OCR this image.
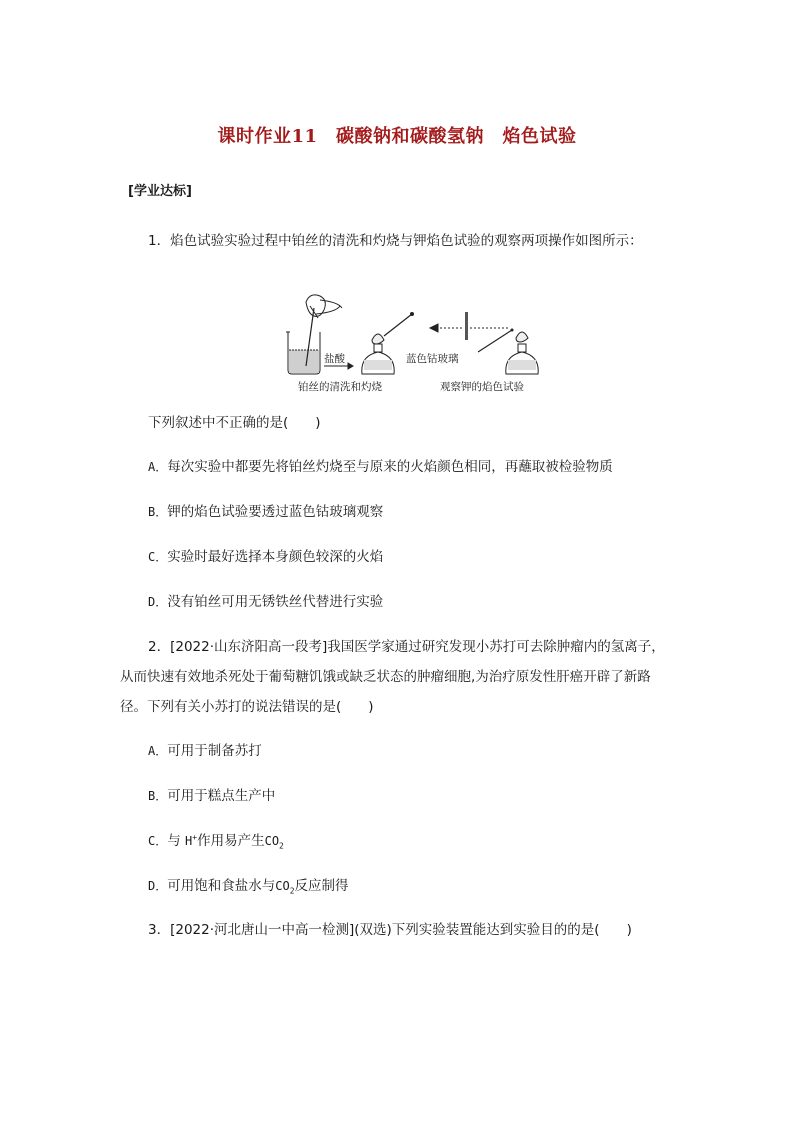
课时作业11　碳酸钠和碳酸氢钠　焰色试验
[学业达标]
1．焰色试验实验过程中铂丝的清洗和灼烧与钾焰色试验的观察两项操作如图所示：
盐酸
铂丝的清洗和灼烧
蓝色钴玻璃
观察钾的焰色试验
下列叙述中不正确的是(　　)
A．每次实验中都要先将铂丝灼烧至与原来的火焰颜色相同，再蘸取被检验物质
B．钾的焰色试验要透过蓝色钴玻璃观察
C．实验时最好选择本身颜色较深的火焰
D．没有铂丝可用无锈铁丝代替进行实验
2．[2022·山东济阳高一段考]我国医学家通过研究发现小苏打可去除肿瘤内的氢离子，
从而快速有效地杀死处于葡萄糖饥饿或缺乏状态的肿瘤细胞,为治疗原发性肝癌开辟了新路
径。下列有关小苏打的说法错误的是(　　)
A．可用于制备苏打
B．可用于糕点生产中
C．与 H+作用易产生$CO_2$
D．可用饱和食盐水与$CO_2$反应制得
3．[2022·河北唐山一中高一检测](双选)下列实验装置能达到实验目的的是(　　)
